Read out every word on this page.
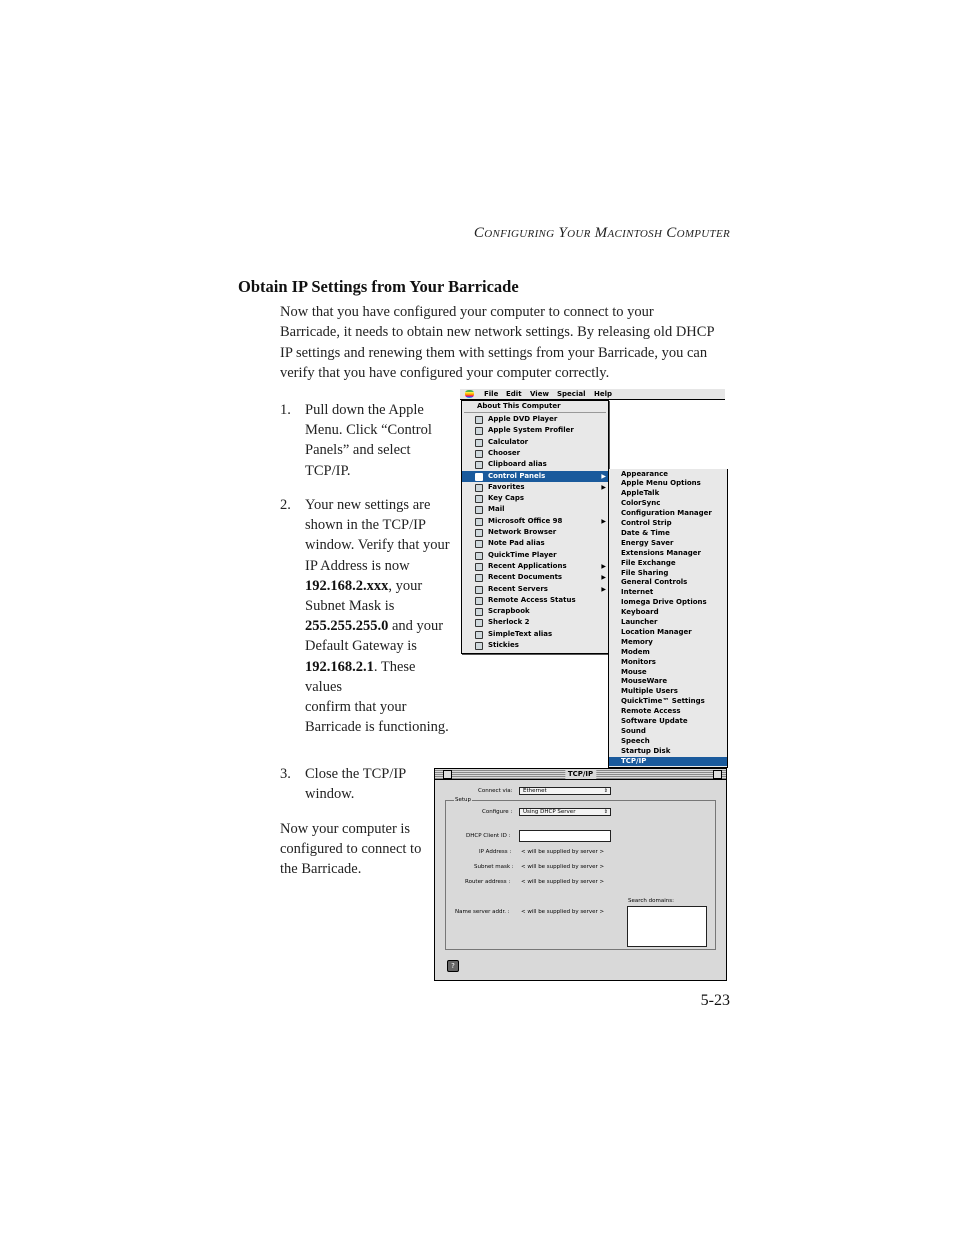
Configuring Your Macintosh Computer
Obtain IP Settings from Your Barricade
Now that you have configured your computer to connect to your
Barricade, it needs to obtain new network settings. By releasing old DHCP
IP settings and renewing them with settings from your Barricade, you can
verify that you have configured your computer correctly.
1. Pull down the Apple
Menu. Click “Control
Panels” and select
TCP/IP.
2. Your new settings are
shown in the TCP/IP
window. Verify that your
IP Address is now
192.168.2.xxx, your
Subnet Mask is
255.255.255.0 and your
Default Gateway is
192.168.2.1. These values
confirm that your
Barricade is functioning.
3. Close the TCP/IP
window.
Now your computer is
configured to connect to
the Barricade.
5-23
File Edit View Special Help
About This Computer
Apple DVD Player
Apple System Profiler
Calculator
Chooser
Clipboard alias
Control Panels	▶
Favorites	▶
Key Caps
Mail
Microsoft Office 98	▶
Network Browser
Note Pad alias
QuickTime Player
Recent Applications	▶
Recent Documents	▶
Recent Servers	▶
Remote Access Status
Scrapbook
Sherlock 2
SimpleText alias
Stickies
Appearance
Apple Menu Options
AppleTalk
ColorSync
Configuration Manager
Control Strip
Date & Time
Energy Saver
Extensions Manager
File Exchange
File Sharing
General Controls
Internet
Iomega Drive Options
Keyboard
Launcher
Location Manager
Memory
Modem
Monitors
Mouse
MouseWare
Multiple Users
QuickTime™ Settings
Remote Access
Software Update
Sound
Speech
Startup Disk
TCP/IP
TCP/IP
Connect via:	Ethernet	⇕
Setup
Configure :	Using DHCP Server	⇕
DHCP Client ID :
IP Address : < will be supplied by server >
Subnet mask : < will be supplied by server >
Router address : < will be supplied by server >
Search domains:
Name server addr. : < will be supplied by server >
?
